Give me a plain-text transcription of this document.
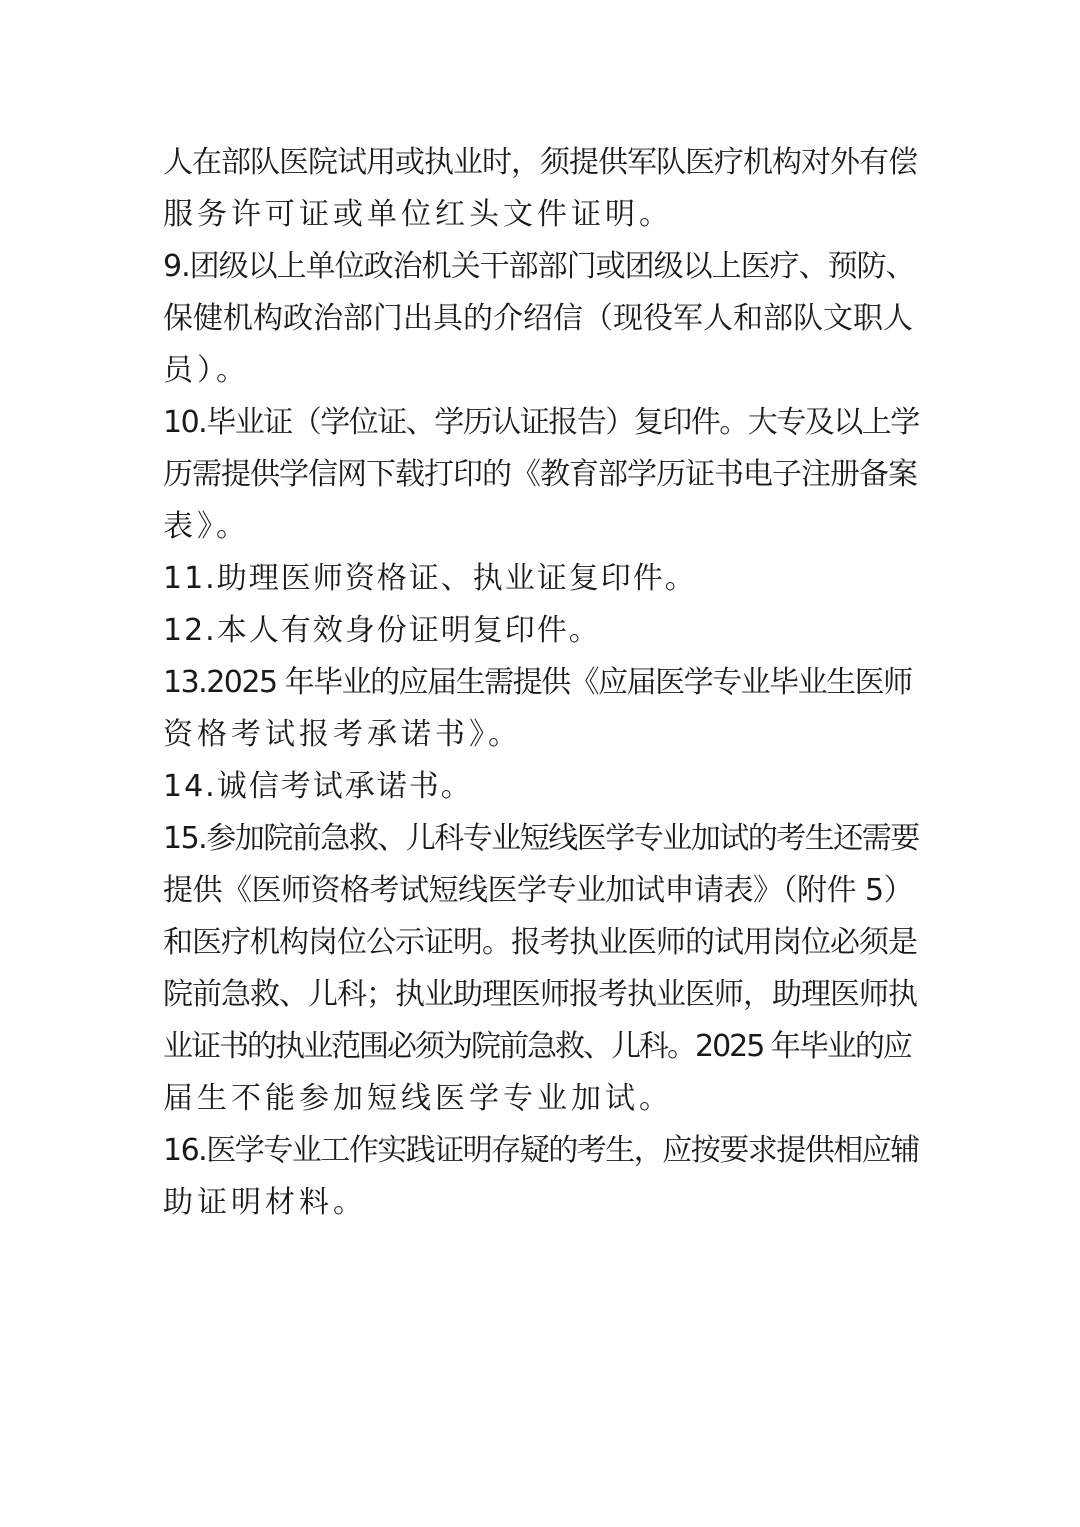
人在部队医院试用或执业时，须提供军队医疗机构对外有偿
服务许可证或单位红头文件证明。
9.团级以上单位政治机关干部部门或团级以上医疗、预防、
保健机构政治部门出具的介绍信（现役军人和部队文职人
员）。
10.毕业证（学位证、学历认证报告）复印件。大专及以上学
历需提供学信网下载打印的《教育部学历证书电子注册备案
表》。
11.助理医师资格证、执业证复印件。
12.本人有效身份证明复印件。
13.2025 年毕业的应届生需提供《应届医学专业毕业生医师
资格考试报考承诺书》。
14.诚信考试承诺书。
15.参加院前急救、儿科专业短线医学专业加试的考生还需要
提供《医师资格考试短线医学专业加试申请表》（附件 5）
和医疗机构岗位公示证明。报考执业医师的试用岗位必须是
院前急救、儿科；执业助理医师报考执业医师，助理医师执
业证书的执业范围必须为院前急救、儿科。2025 年毕业的应
届生不能参加短线医学专业加试。
16.医学专业工作实践证明存疑的考生，应按要求提供相应辅
助证明材料。
